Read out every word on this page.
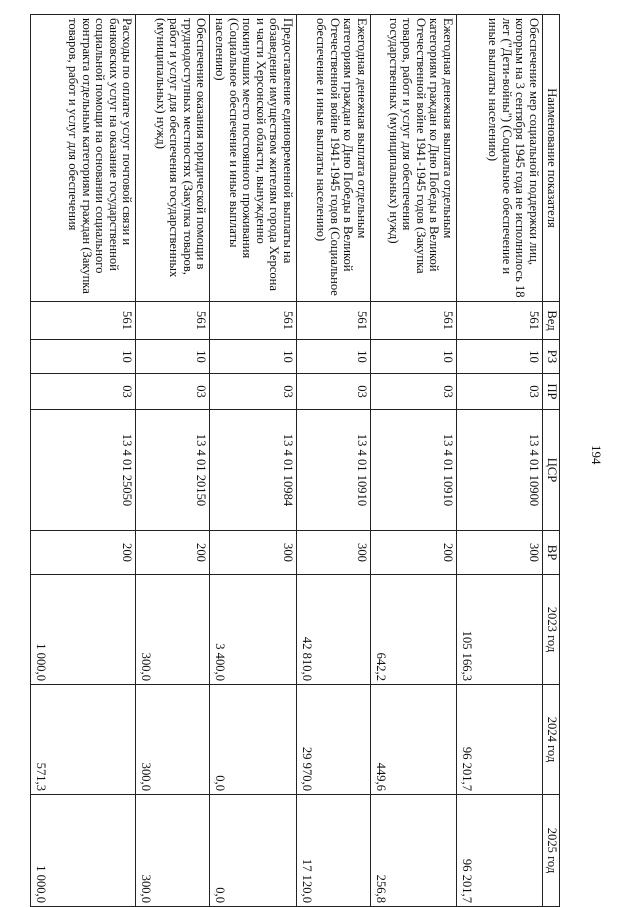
194
Наименование показателя	Вед	РЗ	ПР	ЦСР	ВР	2023 год	2024 год	2025 год
Обеспечение мер социальной поддержки лиц, которым на 3 сентября 1945 года не исполнилось 18 лет ("Дети-войны") (Социальное обеспечение и иные выплаты населению)	561	10	03	13 4 01 10900	300	105 166,3	96 201,7	96 201,7
Ежегодная денежная выплата отдельным категориям граждан ко Дню Победы в Великой Отечественной войне 1941-1945 годов (Закупка товаров, работ и услуг для обеспечения государственных (муниципальных) нужд)	561	10	03	13 4 01 10910	200	642,2	449,6	256,8
Ежегодная денежная выплата отдельным категориям граждан ко Дню Победы в Великой Отечественной войне 1941-1945 годов (Социальное обеспечение и иные выплаты населению)	561	10	03	13 4 01 10910	300	42 810,0	29 970,0	17 120,0
Предоставление единовременной выплаты на обзаведение имуществом жителям города Херсона и части Херсонской области, вынужденно покинувших место постоянного проживания (Социальное обеспечение и иные выплаты населению)	561	10	03	13 4 01 10984	300	3 400,0	0,0	0,0
Обеспечение оказания юридической помощи в труднодоступных местностях (Закупка товаров, работ и услуг для обеспечения государственных (муниципальных) нужд)	561	10	03	13 4 01 20150	200	300,0	300,0	300,0
Расходы по оплате услуг почтовой связи и банковских услуг на оказание государственной социальной помощи на основании социального контракта отдельным категориям граждан (Закупка товаров, работ и услуг для обеспечения	561	10	03	13 4 01 25050	200	1 000,0	571,3	1 000,0
